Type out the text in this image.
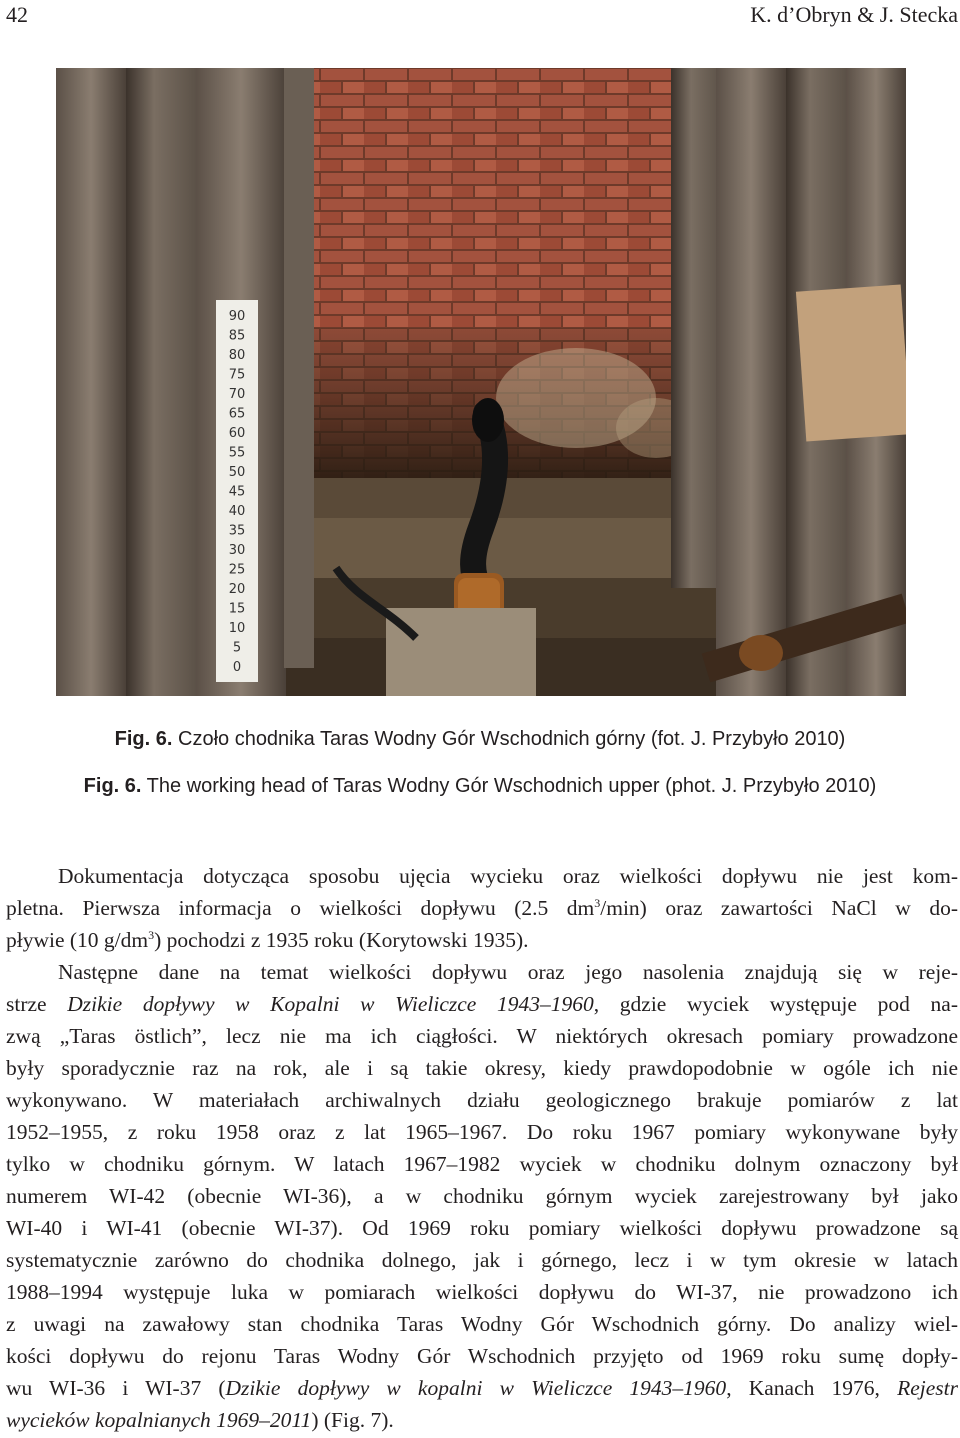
42	K. d’Obryn & J. Stecka
90
85
80
75
70
65
60
55
50
45
40
35
30
25
20
15
10
5
0
Fig. 6. Czoło chodnika Taras Wodny Gór Wschodnich górny (fot. J. Przybyło 2010)
Fig. 6. The working head of Taras Wodny Gór Wschodnich upper (phot. J. Przybyło 2010)

Dokumentacja dotycząca sposobu ujęcia wycieku oraz wielkości dopływu nie jest kom-
pletna. Pierwsza informacja o wielkości dopływu (2.5 $dm^3/\min$) oraz zawartości NaCl w do-
pływie (10 $g/dm^3$) pochodzi z 1935 roku (Korytowski 1935).

Następne dane na temat wielkości dopływu oraz jego nasolenia znajdują się w reje-
strze Dzikie dopływy w Kopalni w Wieliczce 1943–1960, gdzie wyciek występuje pod na-
zwą „Taras östlich”, lecz nie ma ich ciągłości. W niektórych okresach pomiary prowadzone
były sporadycznie raz na rok, ale i są takie okresy, kiedy prawdopodobnie w ogóle ich nie
wykonywano. W materiałach archiwalnych działu geologicznego brakuje pomiarów z lat
1952–1955, z roku 1958 oraz z lat 1965–1967. Do roku 1967 pomiary wykonywane były
tylko w chodniku górnym. W latach 1967–1982 wyciek w chodniku dolnym oznaczony był
numerem WI-42 (obecnie WI-36), a w chodniku górnym wyciek zarejestrowany był jako
WI-40 i WI-41 (obecnie WI-37). Od 1969 roku pomiary wielkości dopływu prowadzone są
systematycznie zarówno do chodnika dolnego, jak i górnego, lecz i w tym okresie w latach
1988–1994 występuje luka w pomiarach wielkości dopływu do WI-37, nie prowadzono ich
z uwagi na zawałowy stan chodnika Taras Wodny Gór Wschodnich górny. Do analizy wiel-
kości dopływu do rejonu Taras Wodny Gór Wschodnich przyjęto od 1969 roku sumę dopły-
wu WI-36 i WI-37 (Dzikie dopływy w kopalni w Wieliczce 1943–1960, Kanach 1976, Rejestr
wycieków kopalnianych 1969–2011) (Fig. 7).
